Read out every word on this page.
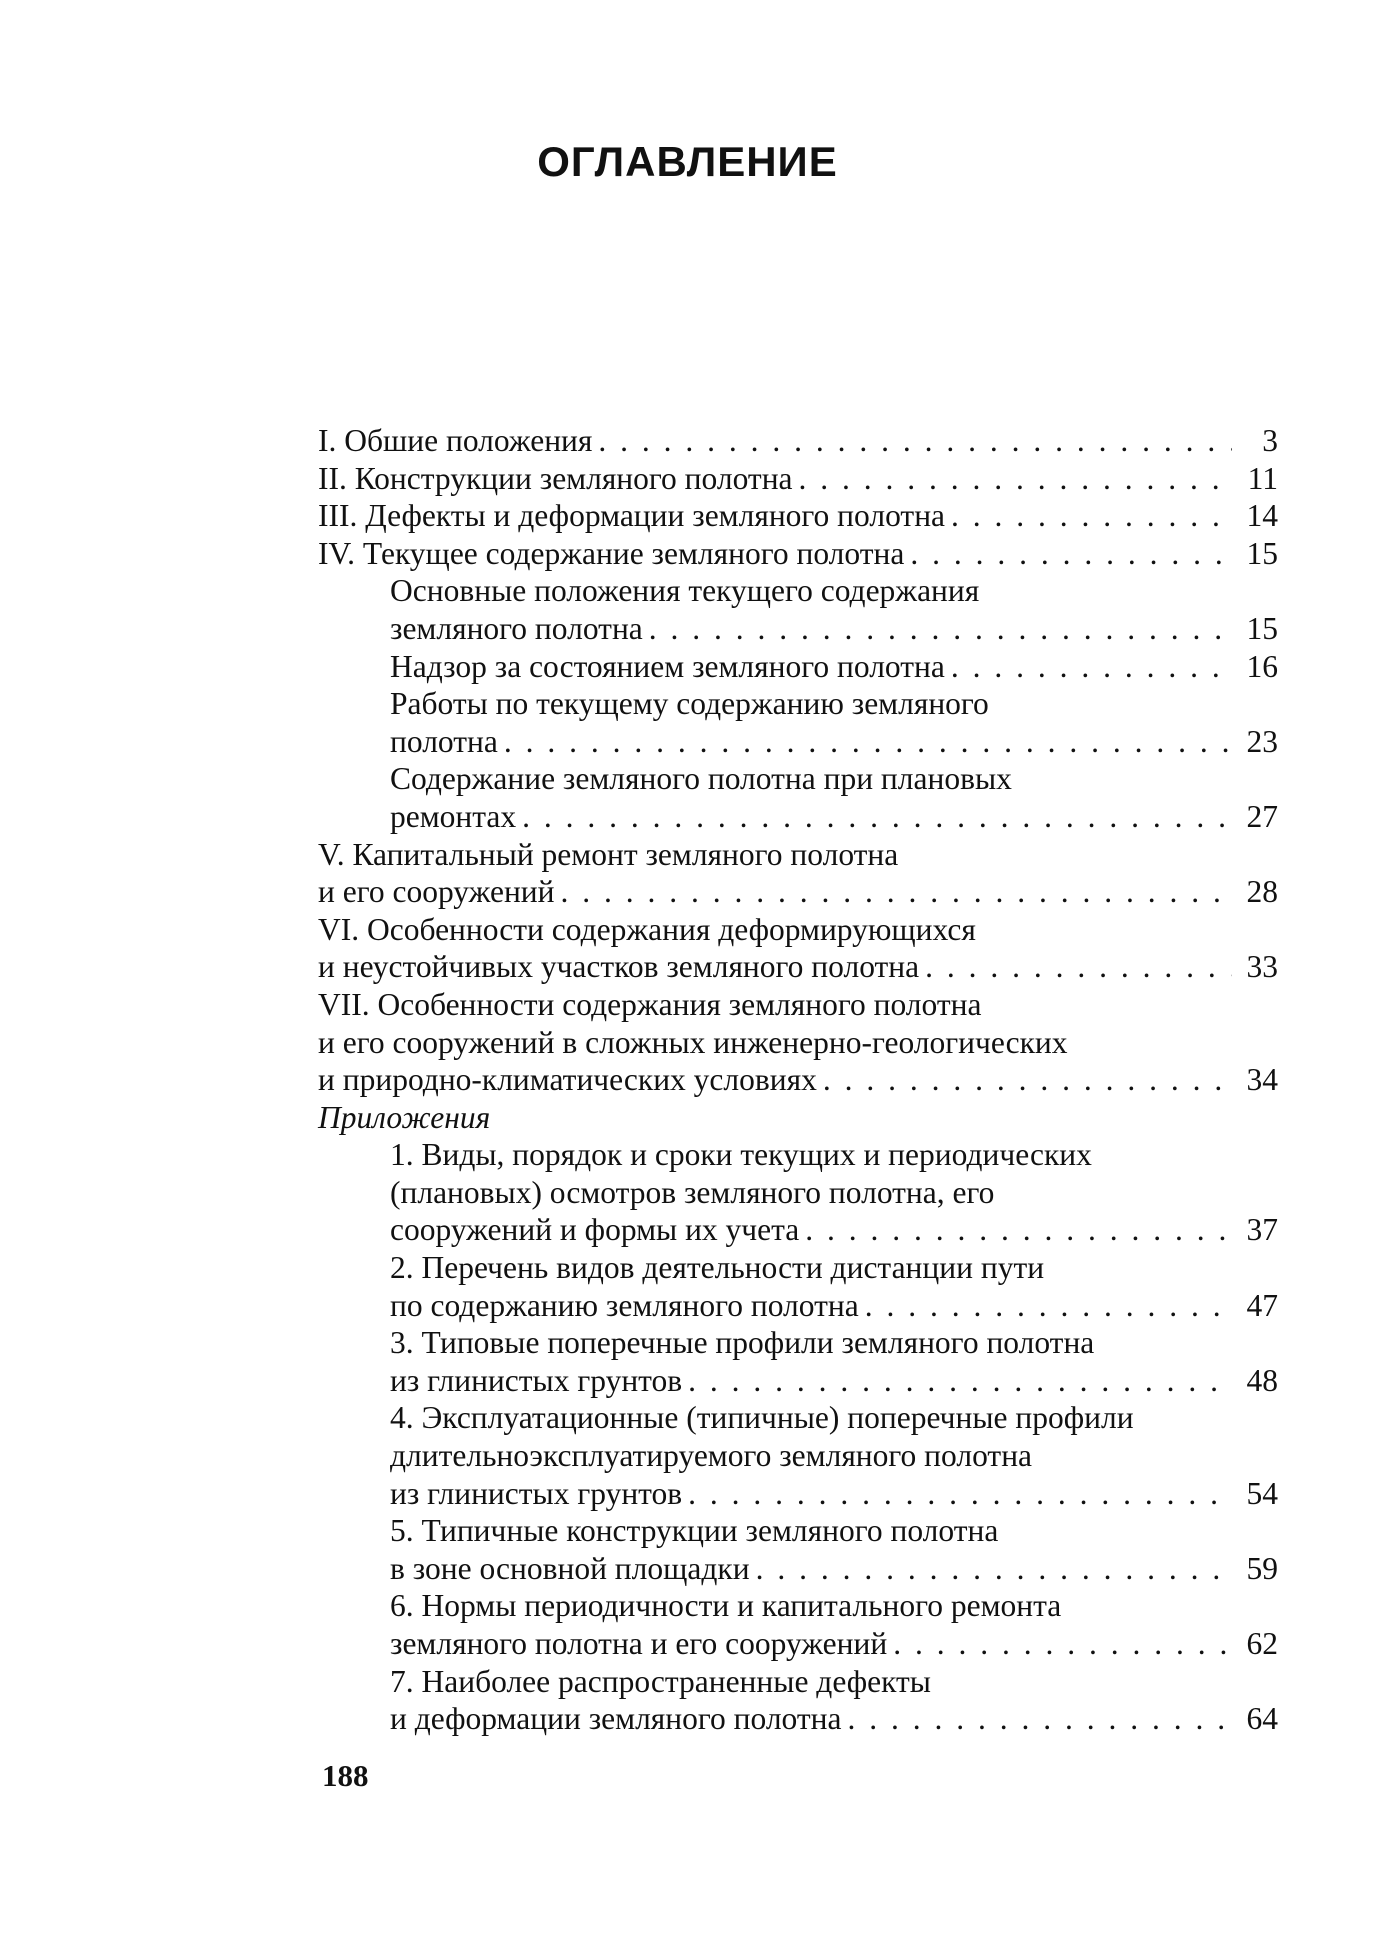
ОГЛАВЛЕНИЕ
I. Обшие положения . . .	3
II. Конструкции земляного полотна . . .	11
III. Дефекты и деформации земляного полотна . . .	14
IV. Текущее содержание земляного полотна . . .	15
Основные положения текущего содержания
земляного полотна . . .	15
Надзор за состоянием земляного полотна . . .	16
Работы по текущему содержанию земляного
полотна . . .	23
Содержание земляного полотна при плановых
ремонтах . . .	27
V. Капитальный ремонт земляного полотна
и его сооружений . . .	28
VI. Особенности содержания деформирующихся
и неустойчивых участков земляного полотна . . .	33
VII. Особенности содержания земляного полотна
и его сооружений в сложных инженерно-геологических
и природно-климатических условиях . . .	34
Приложения
1. Виды, порядок и сроки текущих и периодических
(плановых) осмотров земляного полотна, его
сооружений и формы их учета . . .	37
2. Перечень видов деятельности дистанции пути
по содержанию земляного полотна . . .	47
3. Типовые поперечные профили земляного полотна
из глинистых грунтов . . .	48
4. Эксплуатационные (типичные) поперечные профили
длительноэксплуатируемого земляного полотна
из глинистых грунтов . . .	54
5. Типичные конструкции земляного полотна
в зоне основной площадки . . .	59
6. Нормы периодичности и капитального ремонта
земляного полотна и его сооружений . . .	62
7. Наиболее распространенные дефекты
и деформации земляного полотна . . .	64
188
